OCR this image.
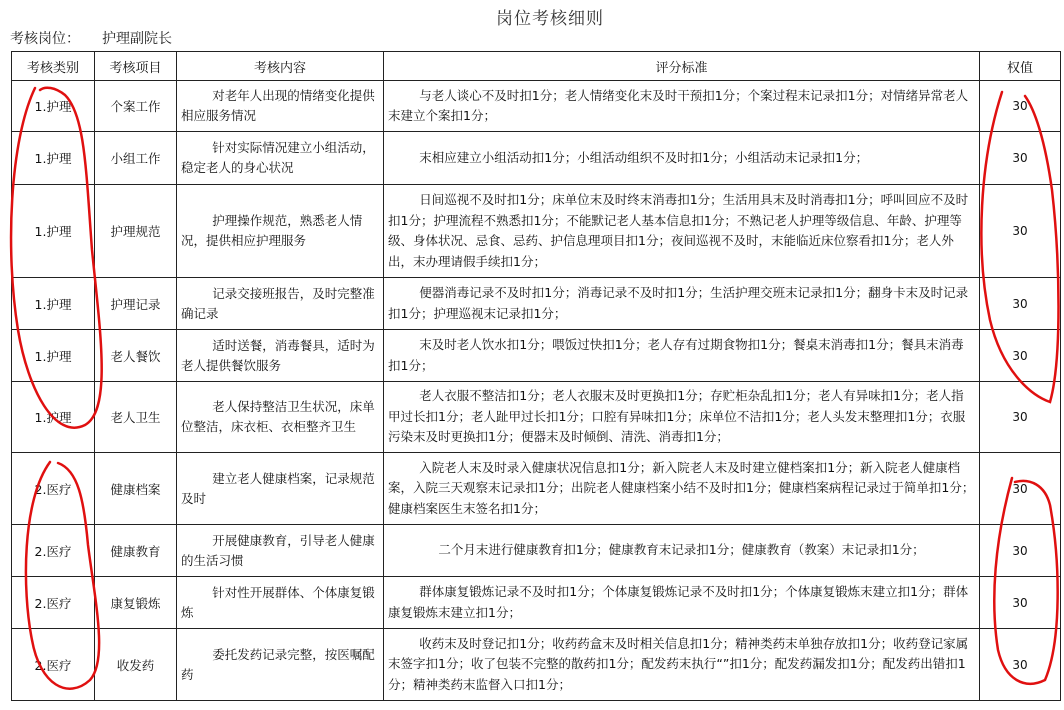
岗位考核细则
考核岗位： 护理副院长
考核类别	考核项目	考核内容	评分标准	权值
1.护理	个案工作	对老年人出现的情绪变化提供相应服务情况	与老人谈心不及时扣1分；老人情绪变化末及时干预扣1分；个案过程末记录扣1分；对情绪异常老人末建立个案扣1分；	30
1.护理	小组工作	针对实际情况建立小组活动，稳定老人的身心状况	末相应建立小组活动扣1分；小组活动组织不及时扣1分；小组活动末记录扣1分；	30
1.护理	护理规范	护理操作规范，熟悉老人情况，提供相应护理服务	日间巡视不及时扣1分；床单位末及时终末消毒扣1分；生活用具末及时消毒扣1分；呼叫回应不及时扣1分；护理流程不熟悉扣1分；不能默记老人基本信息扣1分；不熟记老人护理等级信息、年龄、护理等级、身体状况、忌食、忌药、护信息理项目扣1分；夜间巡视不及时，末能临近床位察看扣1分；老人外出，末办理请假手续扣1分；	30
1.护理	护理记录	记录交接班报告，及时完整准确记录	便器消毒记录不及时扣1分；消毒记录不及时扣1分；生活护理交班末记录扣1分；翻身卡末及时记录扣1分；护理巡视末记录扣1分；	30
1.护理	老人餐饮	适时送餐，消毒餐具，适时为老人提供餐饮服务	末及时老人饮水扣1分；喂饭过快扣1分；老人存有过期食物扣1分；餐桌末消毒扣1分；餐具末消毒扣1分；	30
1.护理	老人卫生	老人保持整洁卫生状况，床单位整洁，床衣柜、衣柜整齐卫生	老人衣服不整洁扣1分；老人衣服末及时更换扣1分；存贮柜杂乱扣1分；老人有异味扣1分；老人指甲过长扣1分；老人趾甲过长扣1分；口腔有异味扣1分；床单位不洁扣1分；老人头发末整理扣1分；衣服污染末及时更换扣1分；便器末及时倾倒、清洗、消毒扣1分；	30
2.医疗	健康档案	建立老人健康档案，记录规范及时	入院老人末及时录入健康状况信息扣1分；新入院老人末及时建立健档案扣1分；新入院老人健康档案，入院三天观察末记录扣1分；出院老人健康档案小结不及时扣1分；健康档案病程记录过于简单扣1分；健康档案医生末签名扣1分；	30
2.医疗	健康教育	开展健康教育，引导老人健康的生活习惯	二个月末进行健康教育扣1分；健康教育末记录扣1分；健康教育（教案）末记录扣1分；	30
2.医疗	康复锻炼	针对性开展群体、个体康复锻炼	群体康复锻炼记录不及时扣1分；个体康复锻炼记录不及时扣1分；个体康复锻炼末建立扣1分；群体康复锻炼末建立扣1分；	30
2.医疗	收发药	委托发药记录完整，按医嘱配药	收药末及时登记扣1分；收药药盒末及时相关信息扣1分；精神类药末单独存放扣1分；收药登记家属末签字扣1分；收了包装不完整的散药扣1分；配发药末执行“”扣1分；配发药漏发扣1分；配发药出错扣1分；精神类药末监督入口扣1分；	30
